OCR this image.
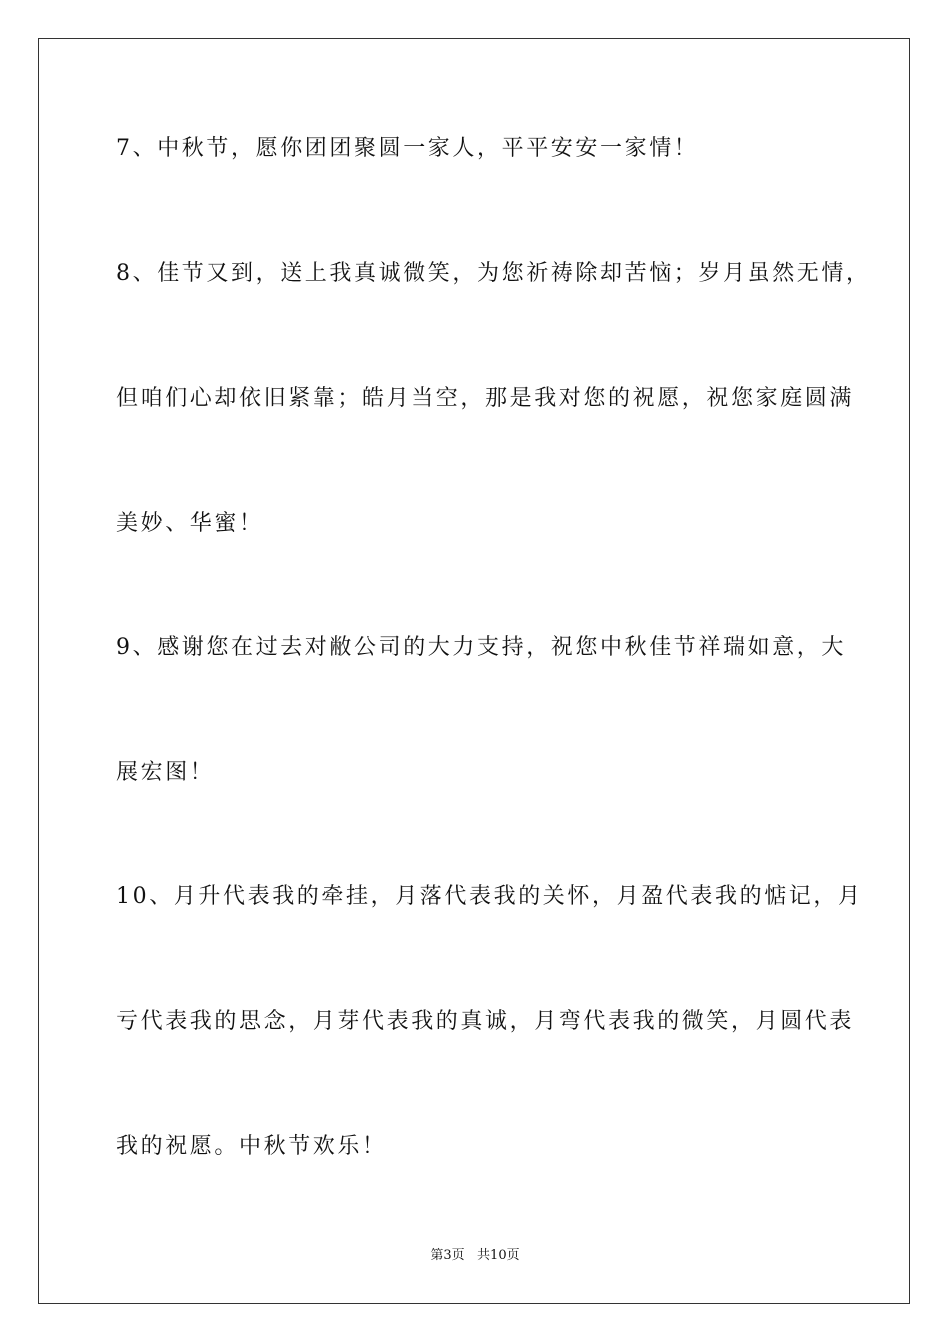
7、中秋节，愿你团团聚圆一家人，平平安安一家情！
8、佳节又到，送上我真诚微笑，为您祈祷除却苦恼；岁月虽然无情，
但咱们心却依旧紧靠；皓月当空，那是我对您的祝愿，祝您家庭圆满
美妙、华蜜！
9、感谢您在过去对敝公司的大力支持，祝您中秋佳节祥瑞如意，大
展宏图！
10、月升代表我的牵挂，月落代表我的关怀，月盈代表我的惦记，月
亏代表我的思念，月芽代表我的真诚，月弯代表我的微笑，月圆代表
我的祝愿。中秋节欢乐！
第3页   共10页
